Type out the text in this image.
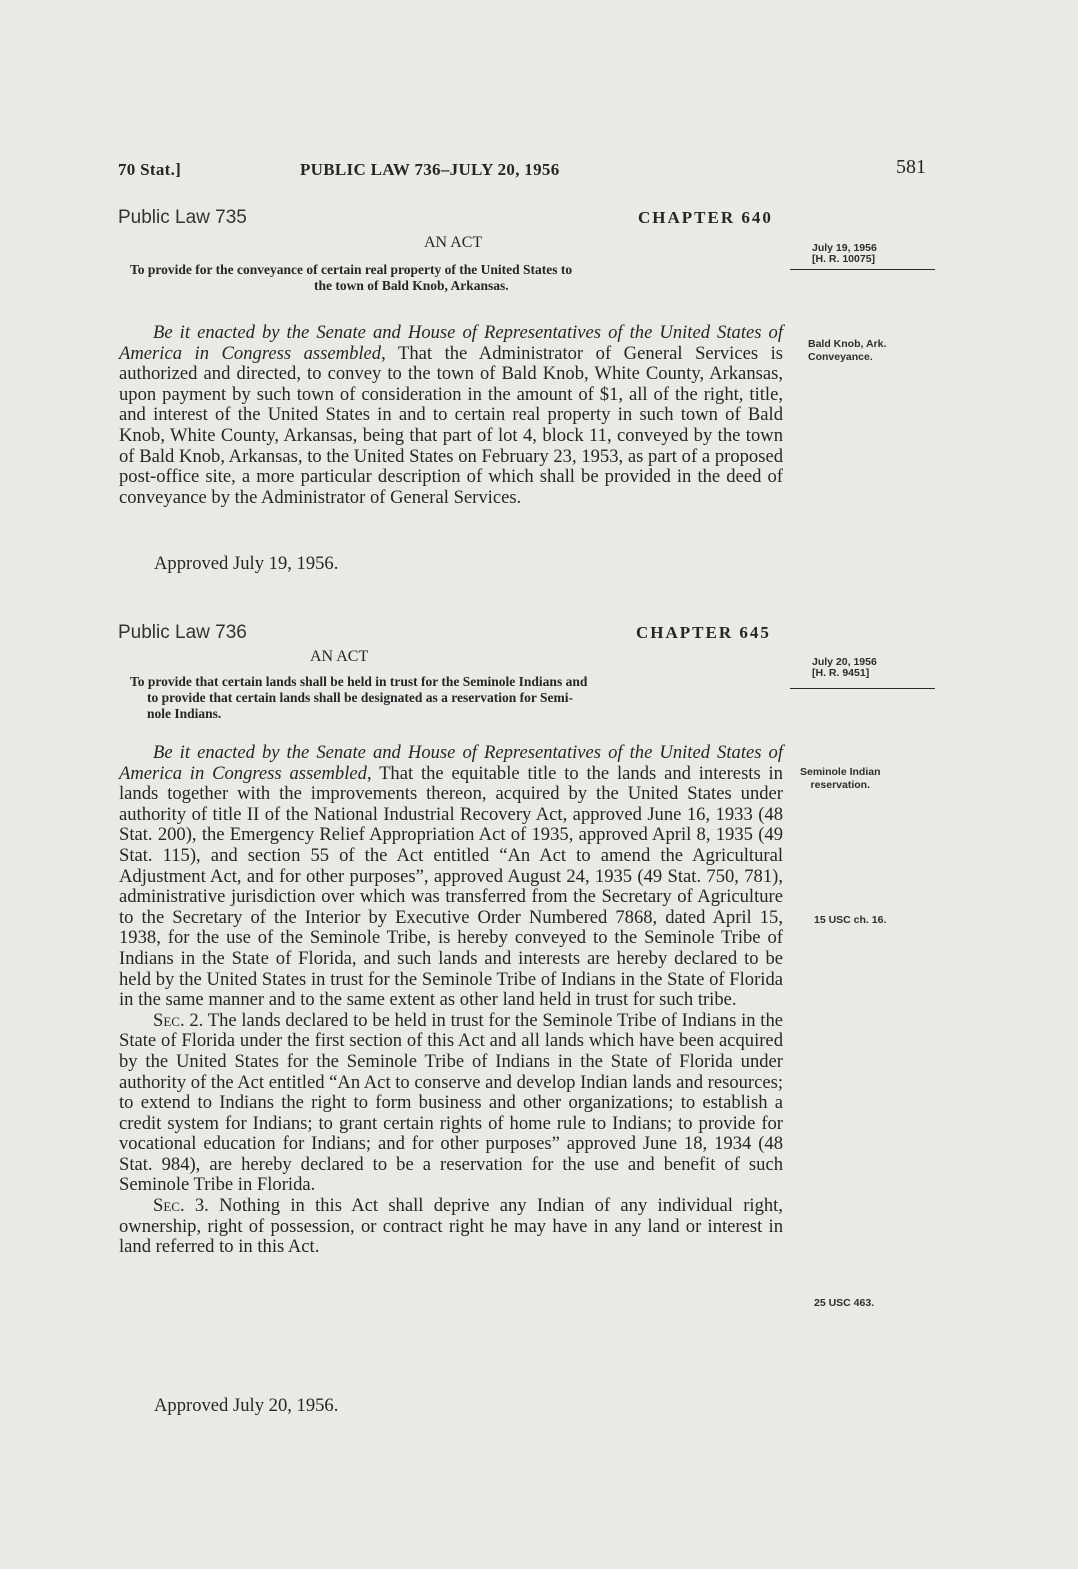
70 Stat.]	PUBLIC LAW 736–JULY 20, 1956	581
Public Law 735	CHAPTER 640
AN ACT
To provide for the conveyance of certain real property of the United States to
the town of Bald Knob, Arkansas.
July 19, 1956
[H. R. 10075]
Bald Knob, Ark.
Conveyance.

Be it enacted by the Senate and House of Representatives of the United States of America in Congress assembled, That the Administrator of General Services is authorized and directed, to convey to the town of Bald Knob, White County, Arkansas, upon payment by such town of consideration in the amount of $1, all of the right, title, and interest of the United States in and to certain real property in such town of Bald Knob, White County, Arkansas, being that part of lot 4, block 11, conveyed by the town of Bald Knob, Arkansas, to the United States on February 23, 1953, as part of a proposed post-office site, a more particular description of which shall be provided in the deed of conveyance by the Administrator of General Services.

Approved July 19, 1956.
Public Law 736	CHAPTER 645
AN ACT
To provide that certain lands shall be held in trust for the Seminole Indians and
to provide that certain lands shall be designated as a reservation for Semi-
nole Indians.
July 20, 1956
[H. R. 9451]
Seminole Indian
reservation.
15 USC ch. 16.
25 USC 463.
Be it enacted by the Senate and House of Representatives of the United States of America in Congress assembled, That the equitable title to the lands and interests in lands together with the improvements thereon, acquired by the United States under authority of title II of the National Industrial Recovery Act, approved June 16, 1933 (48 Stat. 200), the Emergency Relief Appropriation Act of 1935, approved April 8, 1935 (49 Stat. 115), and section 55 of the Act entitled “An Act to amend the Agricultural Adjustment Act, and for other purposes”, approved August 24, 1935 (49 Stat. 750, 781), administrative jurisdiction over which was transferred from the Secretary of Agriculture to the Secretary of the Interior by Executive Order Numbered 7868, dated April 15, 1938, for the use of the Seminole Tribe, is hereby conveyed to the Seminole Tribe of Indians in the State of Florida, and such lands and interests are hereby declared to be held by the United States in trust for the Seminole Tribe of Indians in the State of Florida in the same manner and to the same extent as other land held in trust for such tribe.
Sec. 2. The lands declared to be held in trust for the Seminole Tribe of Indians in the State of Florida under the first section of this Act and all lands which have been acquired by the United States for the Seminole Tribe of Indians in the State of Florida under authority of the Act entitled “An Act to conserve and develop Indian lands and resources; to extend to Indians the right to form business and other organizations; to establish a credit system for Indians; to grant certain rights of home rule to Indians; to provide for vocational education for Indians; and for other purposes” approved June 18, 1934 (48 Stat. 984), are hereby declared to be a reservation for the use and benefit of such Seminole Tribe in Florida.
Sec. 3. Nothing in this Act shall deprive any Indian of any individual right, ownership, right of possession, or contract right he may have in any land or interest in land referred to in this Act.
Approved July 20, 1956.
